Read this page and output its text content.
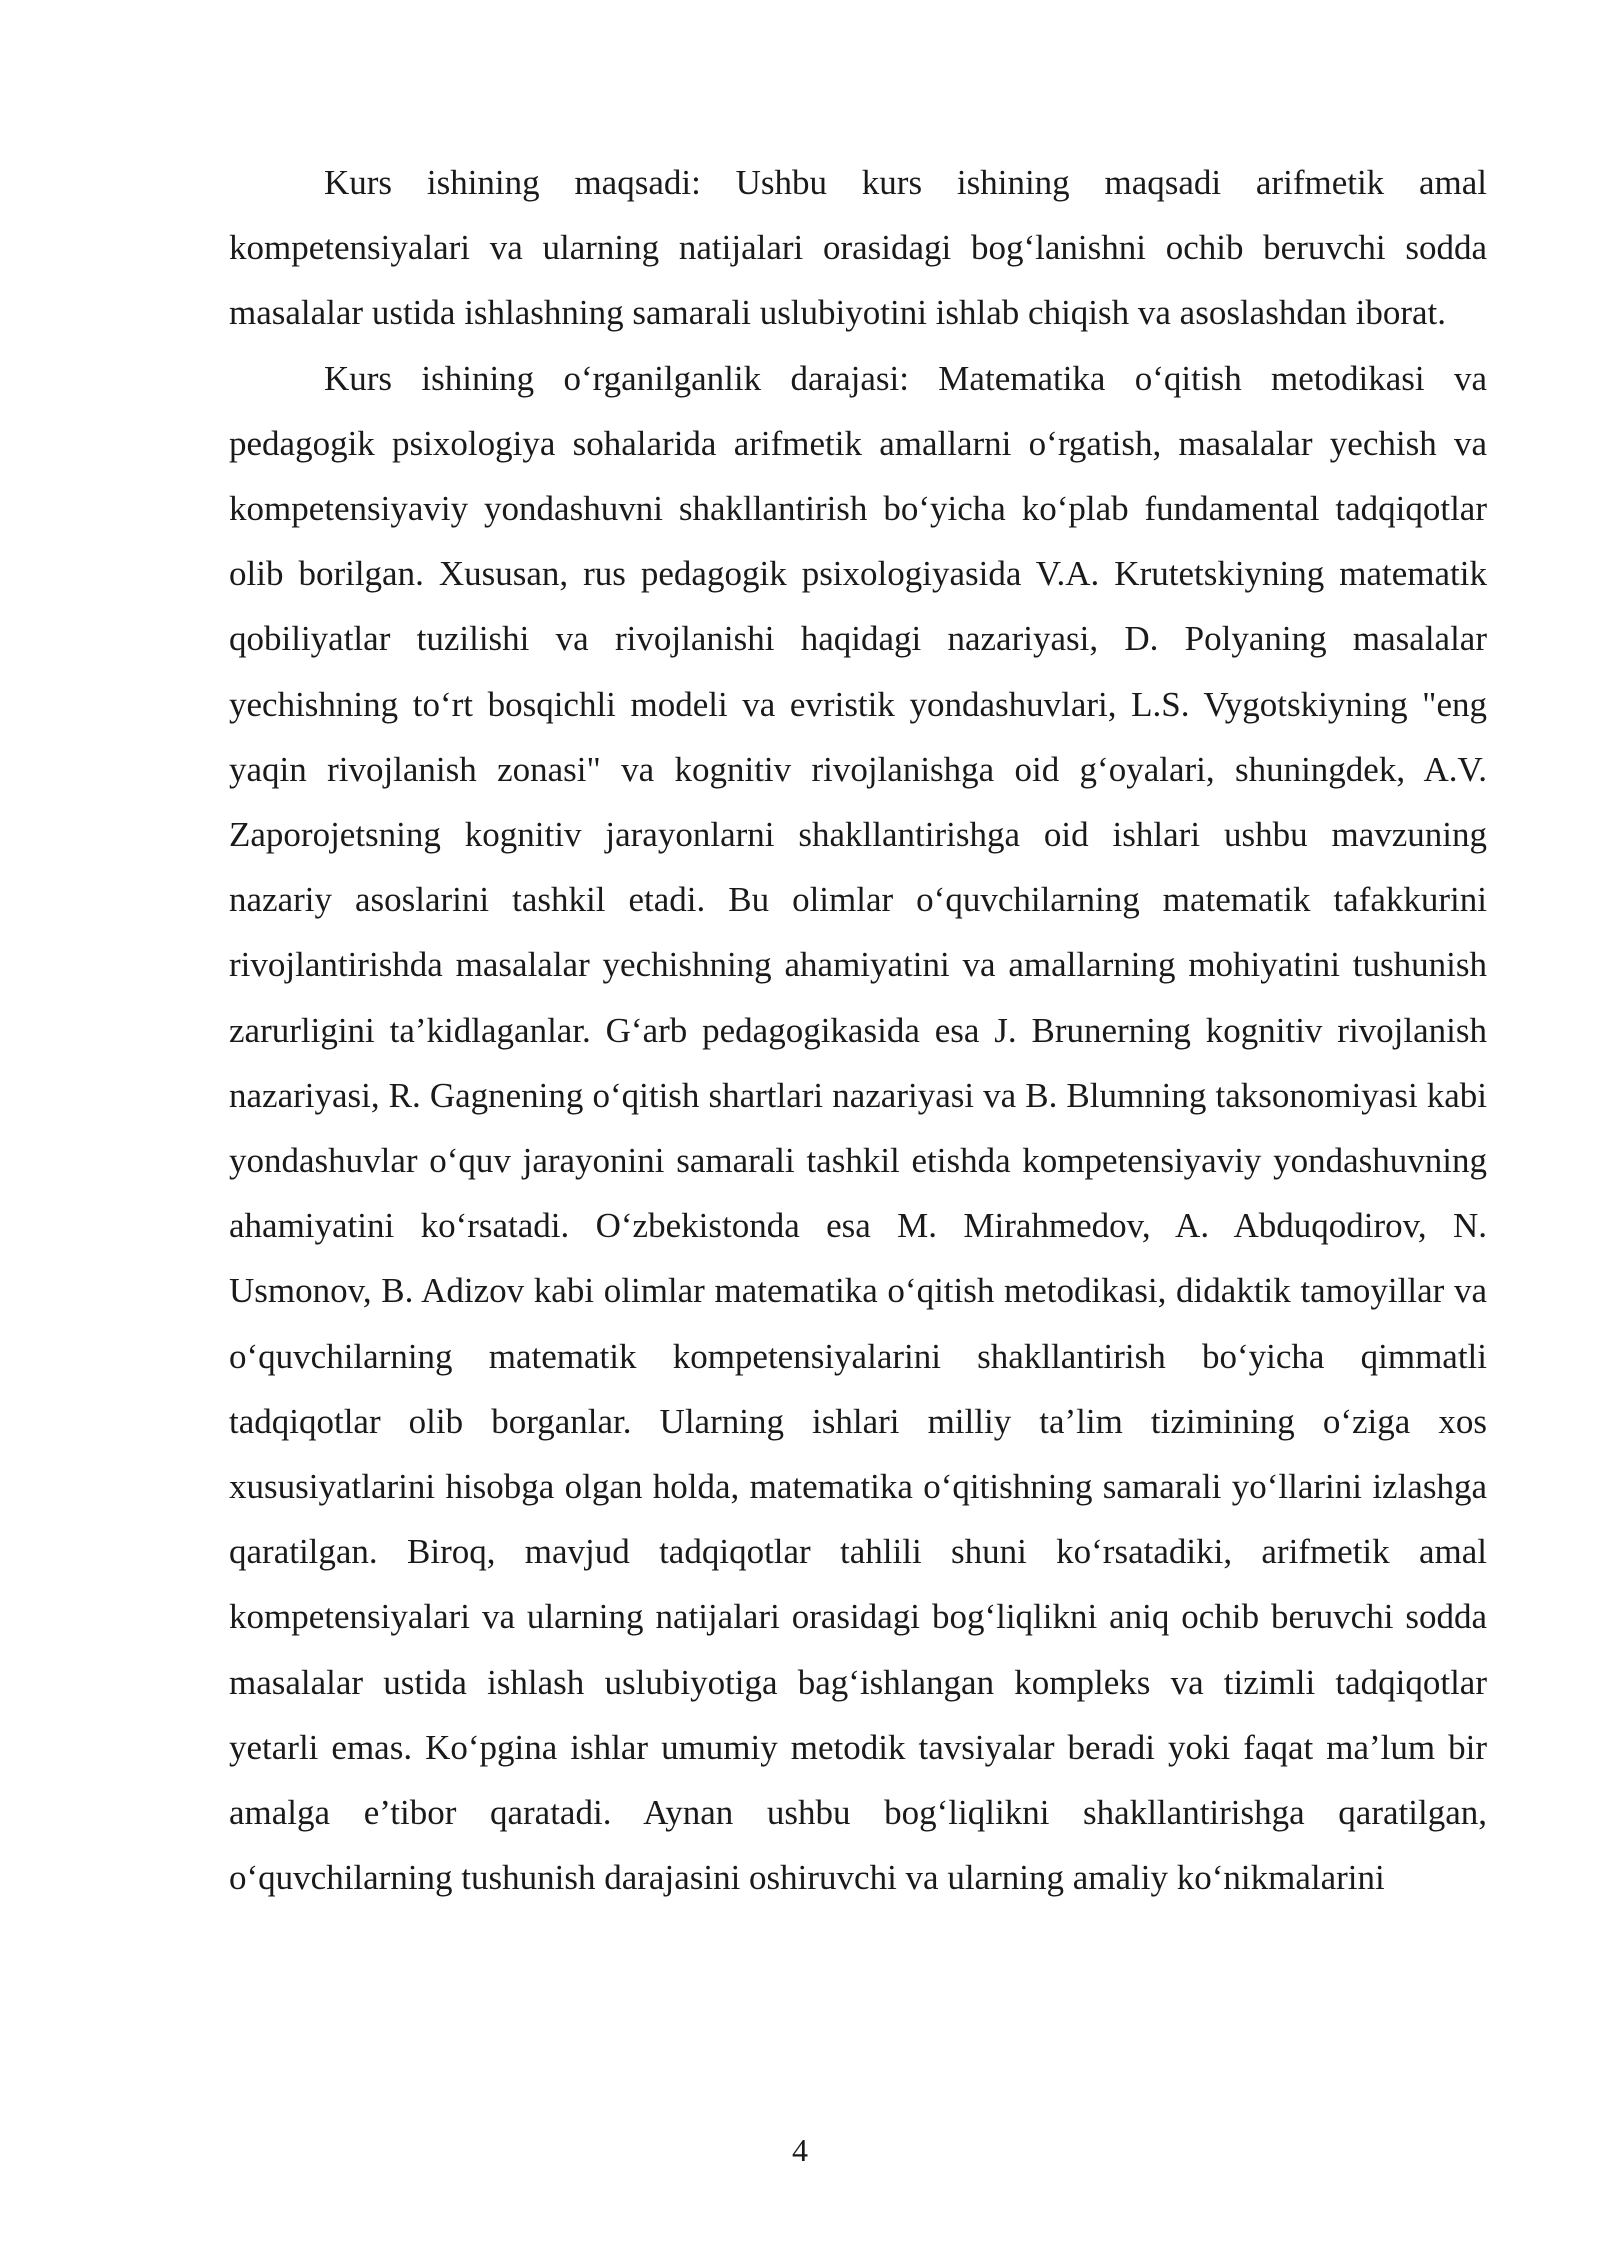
Kurs ishining maqsadi: Ushbu kurs ishining maqsadi arifmetik amal kompetensiyalari va ularning natijalari orasidagi bog‘lanishni ochib beruvchi sodda masalalar ustida ishlashning samarali uslubiyotini ishlab chiqish va asoslashdan iborat.

Kurs ishining o‘rganilganlik darajasi: Matematika o‘qitish metodikasi va pedagogik psixologiya sohalarida arifmetik amallarni o‘rgatish, masalalar yechish va kompetensiyaviy yondashuvni shakllantirish bo‘yicha ko‘plab fundamental tadqiqotlar olib borilgan. Xususan, rus pedagogik psixologiyasida V.A. Krutetskiyning matematik qobiliyatlar tuzilishi va rivojlanishi haqidagi nazariyasi, D. Polyaning masalalar yechishning to‘rt bosqichli modeli va evristik yondashuvlari, L.S. Vygotskiyning "eng yaqin rivojlanish zonasi" va kognitiv rivojlanishga oid g‘oyalari, shuningdek, A.V. Zaporojetsning kognitiv jarayonlarni shakllantirishga oid ishlari ushbu mavzuning nazariy asoslarini tashkil etadi. Bu olimlar o‘quvchilarning matematik tafakkurini rivojlantirishda masalalar yechishning ahamiyatini va amallarning mohiyatini tushunish zarurligini ta’kidlaganlar. G‘arb pedagogikasida esa J. Brunerning kognitiv rivojlanish nazariyasi, R. Gagnening o‘qitish shartlari nazariyasi va B. Blumning taksonomiyasi kabi yondashuvlar o‘quv jarayonini samarali tashkil etishda kompetensiyaviy yondashuvning ahamiyatini ko‘rsatadi. O‘zbekistonda esa M. Mirahmedov, A. Abduqodirov, N. Usmonov, B. Adizov kabi olimlar matematika o‘qitish metodikasi, didaktik tamoyillar va o‘quvchilarning matematik kompetensiyalarini shakllantirish bo‘yicha qimmatli tadqiqotlar olib borganlar. Ularning ishlari milliy ta’lim tizimining o‘ziga xos xususiyatlarini hisobga olgan holda, matematika o‘qitishning samarali yo‘llarini izlashga qaratilgan. Biroq, mavjud tadqiqotlar tahlili shuni ko‘rsatadiki, arifmetik amal kompetensiyalari va ularning natijalari orasidagi bog‘liqlikni aniq ochib beruvchi sodda masalalar ustida ishlash uslubiyotiga bag‘ishlangan kompleks va tizimli tadqiqotlar yetarli emas. Ko‘pgina ishlar umumiy metodik tavsiyalar beradi yoki faqat ma’lum bir amalga e’tibor qaratadi. Aynan ushbu bog‘liqlikni shakllantirishga qaratilgan, o‘quvchilarning tushunish darajasini oshiruvchi va ularning amaliy ko‘nikmalarini

4
